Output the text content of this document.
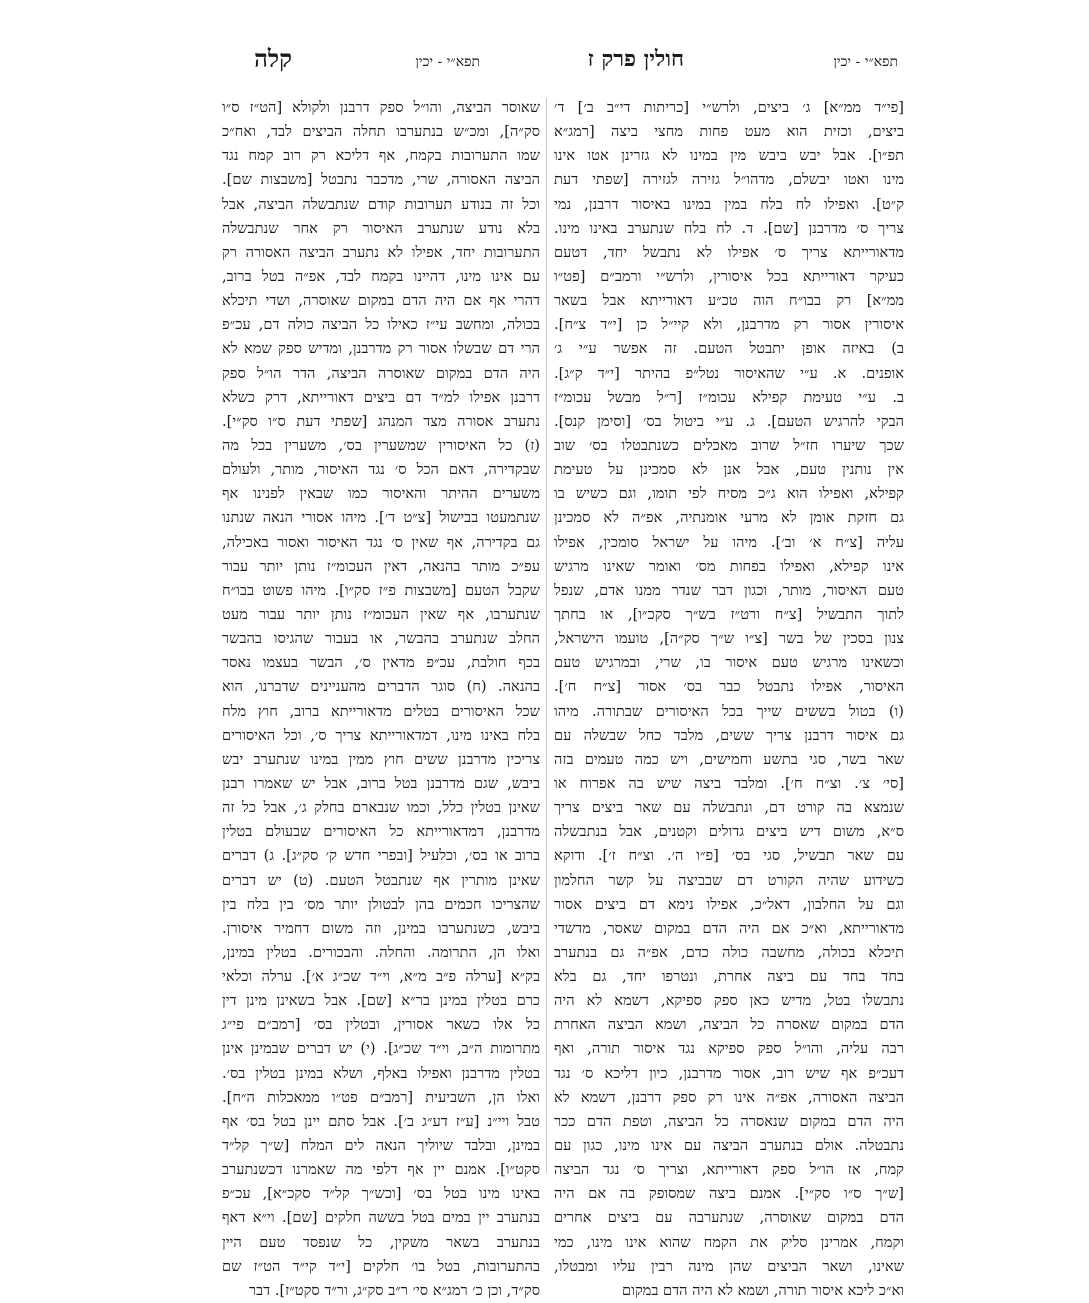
תפא״י - יכין
חולין פרק ז
תפא״י - יכין
קלה
[פי״ד ממ״א] ג׳ ביצים, ולרש״י [כריתות די״ב ב׳] ד׳
ביצים, וכזית הוא מעט פחות מחצי ביצה [רמג״א
תפ״ו]. אבל יבש ביבש מין במינו לא גזרינן אטו אינו
מינו ואטו יבשלם, מדהו״ל גזירה לגזירה [שפתי דעת
ק״ט]. ואפילו לח בלח במין במינו באיסור דרבנן, נמי
צריך ס׳ מדרבנן [שם]. ד. לח בלח שנתערב באינו מינו.
מדאורייתא צריך ס׳ אפילו לא נתבשל יחד, דטעם
כעיקר דאורייתא בכל איסורין, ולרש״י ורמב״ם [פט״ו
ממ״א] רק בבו״ח הוה טכ״ע דאורייתא אבל בשאר
איסורין אסור רק מדרבנן, ולא קיי״ל כן [י״ד צ״ח].
ב) באיזה אופן יתבטל הטעם. זה אפשר ע״י ג׳
אופנים. א. ע״י שהאיסור נטל״פ בהיתר [י״ד ק״ג].
ב. ע״י טעימת קפילא עכומ״ז [ר״ל מבשל עכומ״ז
הבקי להרגיש הטעם]. ג. ע״י ביטול בס׳ [וסימן קנס].
שכך שיערו חז״ל שרוב מאכלים כשנתבטלו בס׳ שוב
אין נותנין טעם, אבל אנן לא סמכינן על טעימת
קפילא, ואפילו הוא ג״כ מסיח לפי תומו, וגם כשיש בו
גם חזקת אומן לא מרעי אומנתיה, אפ״ה לא סמכינן
עליה [צ״ח א׳ וב׳]. מיהו על ישראל סומכין, אפילו
אינו קפילא, ואפילו בפחות מס׳ ואומר שאינו מרגיש
טעם האיסור, מותר, וכגון דבר שנדר ממנו אדם, שנפל
לתוך התבשיל [צ״ח ורט״ז בש״ך סקכ״ו], או בחתך
צנון בסכין של בשר [צ״ו ש״ך סק״ה], טועמו הישראל,
וכשאינו מרגיש טעם איסור בו, שרי, ובמרגיש טעם
האיסור, אפילו נתבטל כבר בס׳ אסור [צ״ח ח׳].
(ו) בטול בששים שייך בכל האיסורים שבתורה. מיהו
גם איסור דרבנן צריך ששים, מלבד כחל שבשלה עם
שאר בשר, סגי בתשע וחמישים, ויש כמה טעמים בזה
[סי׳ צ׳. וצ״ח ח׳]. ומלבד ביצה שיש בה אפרוח או
שנמצא בה קורט דם, ונתבשלה עם שאר ביצים צריך
ס״א, משום דיש ביצים גדולים וקטנים, אבל בנתבשלה
עם שאר תבשיל, סגי בס׳ [פ״ו ה׳. וצ״ח ז׳]. ודוקא
כשידוע שהיה הקורט דם שבביצה על קשר החלמון
וגם על החלבון, דאל״כ, אפילו נימא דם ביצים אסור
מדאורייתא, וא״כ אם היה הדם במקום שאסר, מדשדי
תיכלא בכולה, מחשבה כולה כדם, אפ״ה גם בנתערב
בחד בחד עם ביצה אחרת, ונטרפו יחד, גם בלא
נתבשלו בטל, מדיש כאן ספק ספיקא, דשמא לא היה
הדם במקום שאסרה כל הביצה, ושמא הביצה האחרת
רבה עליה, והו״ל ספק ספיקא נגד איסור תורה, ואף
דעכ״פ אף שיש רוב, אסור מדרבנן, כיון דליכא ס׳ נגד
הביצה האסורה, אפ״ה אינו רק ספק דרבנן, דשמא לא
היה הדם במקום שנאסרה כל הביצה, וטפת הדם ככר
נתבטלה. אולם בנתערב הביצה עם אינו מינו, כגון עם
קמח, אז הו״ל ספק דאורייתא, וצריך ס׳ נגד הביצה
[ש״ך ס״ו סק״י]. אמנם ביצה שמסופק בה אם היה
הדם במקום שאוסרה, שנתערבה עם ביצים אחרים
וקמח, אמרינן סליק את הקמח שהוא אינו מינו, כמי
שאינו, ושאר הביצים שהן מינה רבין עליו ומבטלו,
וא״כ ליכא איסור תורה, ושמא לא היה הדם במקום
שאוסר הביצה, והו״ל ספק דרבנן ולקולא [הט״ז ס״ו
סק״ה], ומכ״ש בנתערבו תחלה הביצים לבד, ואח״כ
שמו התערובות בקמח, אף דליכא רק רוב קמח נגד
הביצה האסורה, שרי, מדכבר נתבטל [משבצות שם].
וכל זה בנודע תערובות קודם שנתבשלה הביצה, אבל
בלא נודע שנתערב האיסור רק אחר שנתבשלה
התערובות יחד, אפילו לא נתערב הביצה האסורה רק
עם אינו מינו, דהיינו בקמח לבד, אפ״ה בטל ברוב,
דהרי אף אם היה הדם במקום שאוסרה, ושדי תיכלא
בכולה, ומחשב עי״ז כאילו כל הביצה כולה דם, עכ״פ
הרי דם שבשלו אסור רק מדרבנן, ומדיש ספק שמא לא
היה הדם במקום שאוסרה הביצה, הדר הו״ל ספק
דרבנן אפילו למ״ד דם ביצים דאורייתא, דרק כשלא
נתערב אסורה מצד המנהג [שפתי דעת ס״ו סק״י].
(ז) כל האיסורין שמשערין בס׳, משערין בכל מה
שבקדירה, דאם הכל ס׳ נגד האיסור, מותר, ולעולם
משערים ההיתר והאיסור כמו שבאין לפנינו אף
שנתמעטו בבישול [צ״ט ד׳]. מיהו אסורי הנאה שנתנו
גם בקדירה, אף שאין ס׳ נגד האיסור ואסור באכילה,
עפ״כ מותר בהנאה, דאין העכומ״ז נותן יותר עבור
שקבל הטעם [משבצות פ״ז סק״ו]. מיהו פשוט בבו״ח
שנתערבו, אף שאין העכומ״ז נותן יותר עבור מעט
החלב שנתערב בהבשר, או בעבור שהגיסו בהבשר
בכף חולבת, עכ״פ מדאין ס׳, הבשר בעצמו נאסר
בהנאה. (ח) סוגר הדברים מהעניינים שדברנו, הוא
שכל האיסורים בטלים מדאורייתא ברוב, חוץ מלח
בלח באינו מינו, דמדאורייתא צריך ס׳, וכל האיסורים
צריכין מדרבנן ששים חוץ ממין במינו שנתערב יבש
ביבש, שגם מדרבנן בטל ברוב, אבל יש שאמרו רבנן
שאינן בטלין כלל, וכמו שנבארם בחלק ג׳, אבל כל זה
מדרבנן, דמדאורייתא כל האיסורים שבעולם בטלין
ברוב או בס׳, וכלעיל [ובפרי חדש ק׳ סק״ג]. ג) דברים
שאינן מותרין אף שנתבטל הטעם. (ט) יש דברים
שהצריכו חכמים בהן לבטולן יותר מס׳ בין בלח בין
ביבש, כשנתערבו במינן, וזה משום דחמיר איסורן.
ואלו הן, התרומה. והחלה. והבכורים. בטלין במינן,
בק״א [ערלה פ״ב מ״א, וי״ד שכ״ג א׳]. ערלה וכלאי
כרם בטלין במינן בר״א [שם]. אבל בשאינן מינן דין
כל אלו כשאר אסורין, ובטלין בס׳ [רמב״ם פי״ג
מתרומות ה״ב, וי״ד שכ״ג]. (י) יש דברים שבמינן אינן
בטלין מדרבנן ואפילו באלף, ושלא במינן בטלין בס׳.
ואלו הן, השביעית [רמב״ם פט״ו ממאכלות ה״ח].
טבל ויי״נ [ע״ז דע״ג ב׳]. אבל סתם יינן בטל בס׳ אף
במינן, ובלבד שיוליך הנאה לים המלח [ש״ך קל״ד
סקט״ו]. אמנם יין אף דלפי מה שאמרנו דכשנתערב
באינו מינו בטל בס׳ [וכש״ך קל״ד סקכ״א], עכ״פ
בנתערב יין במים בטל בששה חלקים [שם]. וי״א דאף
בנתערב בשאר משקין, כל שנפסד טעם היין
בהתערובות, בטל בו׳ חלקים [י״ד קי״ד הט״ז שם
סק״ד, וכן כ׳ רמג״א סי׳ ר״ב סק״ג, ור״ד סקט״ז]. דבר
